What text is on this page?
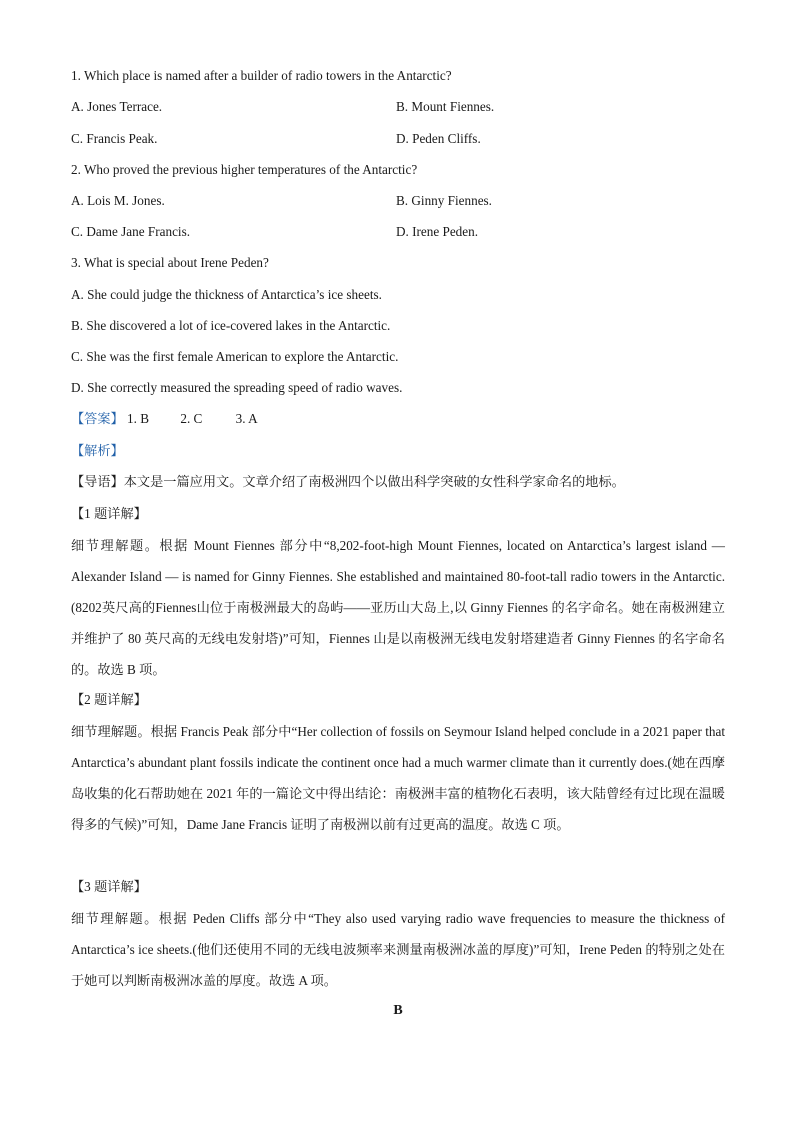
1. Which place is named after a builder of radio towers in the Antarctic?
A. Jones Terrace.	B. Mount Fiennes.
C. Francis Peak.	D. Peden Cliffs.
2. Who proved the previous higher temperatures of the Antarctic?
A. Lois M. Jones.	B. Ginny Fiennes.
C. Dame Jane Francis.	D. Irene Peden.
3. What is special about Irene Peden?
A. She could judge the thickness of Antarctica’s ice sheets.
B. She discovered a lot of ice-covered lakes in the Antarctic.
C. She was the first female American to explore the Antarctic.
D. She correctly measured the spreading speed of radio waves.
【答案】 1. B 2. C	3. A
【解析】
【导语】本文是一篇应用文。文章介绍了南极洲四个以做出科学突破的女性科学家命名的地标。
【1 题详解】
细节理解题。根据 Mount Fiennes 部分中“8,202-foot-high Mount Fiennes, located on Antarctica’s largest island — Alexander Island — is named for Ginny Fiennes. She established and maintained 80-foot-tall radio towers in the Antarctic. (8202英尺高的Fiennes山位于南极洲最大的岛屿——亚历山大岛上,以 Ginny Fiennes 的名字命名。她在南极洲建立并维护了 80 英尺高的无线电发射塔)”可知，Fiennes 山是以南极洲无线电发射塔建造者 Ginny Fiennes 的名字命名的。故选 B 项。
【2 题详解】
细节理解题。根据 Francis Peak 部分中“Her collection of fossils on Seymour Island helped conclude in a 2021 paper that Antarctica’s abundant plant fossils indicate the continent once had a much warmer climate than it currently does.(她在西摩岛收集的化石帮助她在 2021 年的一篇论文中得出结论：南极洲丰富的植物化石表明，该大陆曾经有过比现在温暖得多的气候)”可知，Dame Jane Francis 证明了南极洲以前有过更高的温度。故选 C 项。
【3 题详解】
细节理解题。根据 Peden Cliffs 部分中“They also used varying radio wave frequencies to measure the thickness of Antarctica’s ice sheets.(他们还使用不同的无线电波频率来测量南极洲冰盖的厚度)”可知，Irene Peden 的特别之处在于她可以判断南极洲冰盖的厚度。故选 A 项。
B
